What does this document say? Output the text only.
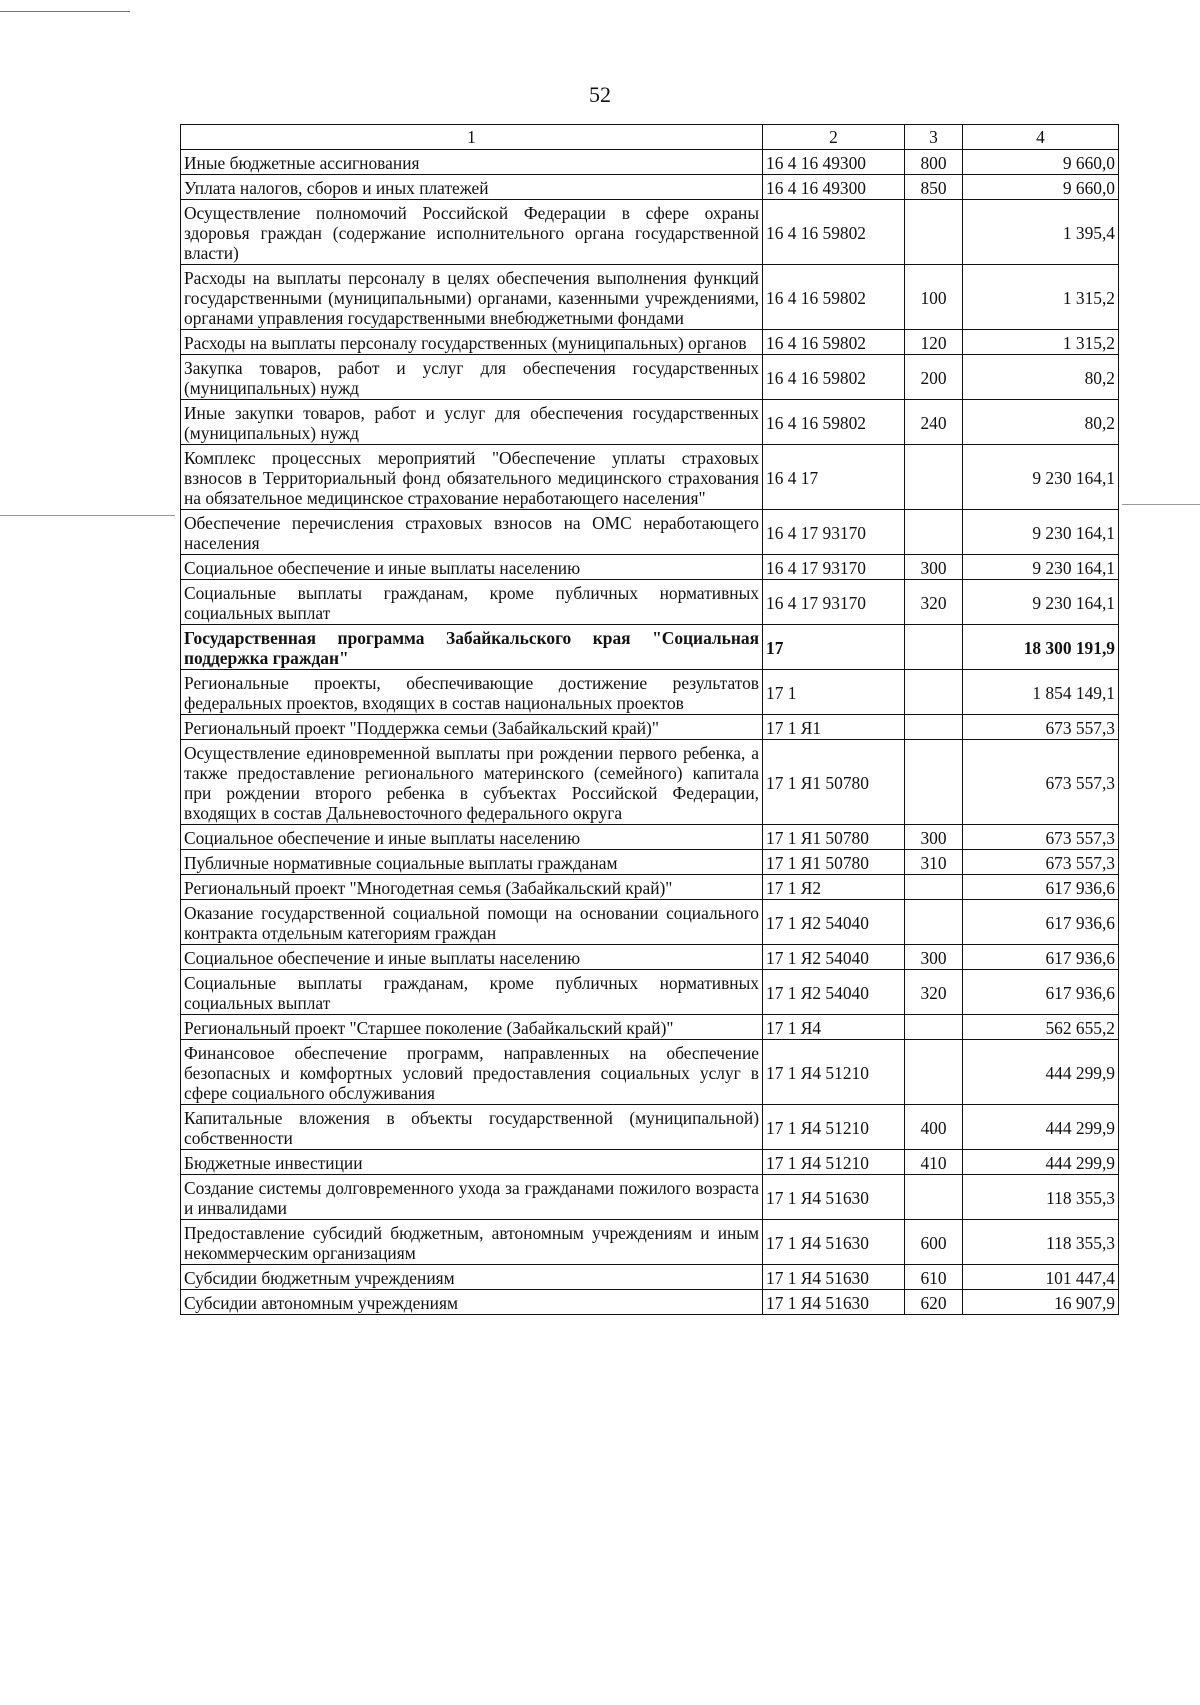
52
1	2	3	4
Иные бюджетные ассигнования	16 4 16 49300	800	9 660,0
Уплата налогов, сборов и иных платежей	16 4 16 49300	850	9 660,0
Осуществление полномочий Российской Федерации в сфере охраны здоровья граждан (содержание исполнительного органа государственной власти)	16 4 16 59802		1 395,4
Расходы на выплаты персоналу в целях обеспечения выполнения функций государственными (муниципальными) органами, казенными учреждениями, органами управления государственными внебюджетными фондами	16 4 16 59802	100	1 315,2
Расходы на выплаты персоналу государственных (муниципальных) органов	16 4 16 59802	120	1 315,2
Закупка товаров, работ и услуг для обеспечения государственных (муниципальных) нужд	16 4 16 59802	200	80,2
Иные закупки товаров, работ и услуг для обеспечения государственных (муниципальных) нужд	16 4 16 59802	240	80,2
Комплекс процессных мероприятий "Обеспечение уплаты страховых взносов в Территориальный фонд обязательного медицинского страхования на обязательное медицинское страхование неработающего населения"	16 4 17		9 230 164,1
Обеспечение перечисления страховых взносов на ОМС неработающего населения	16 4 17 93170		9 230 164,1
Социальное обеспечение и иные выплаты населению	16 4 17 93170	300	9 230 164,1
Социальные выплаты гражданам, кроме публичных нормативных социальных выплат	16 4 17 93170	320	9 230 164,1
Государственная программа Забайкальского края "Социальная поддержка граждан"	17		18 300 191,9
Региональные проекты, обеспечивающие достижение результатов федеральных проектов, входящих в состав национальных проектов	17 1		1 854 149,1
Региональный проект "Поддержка семьи (Забайкальский край)"	17 1 Я1		673 557,3
Осуществление единовременной выплаты при рождении первого ребенка, а также предоставление регионального материнского (семейного) капитала при рождении второго ребенка в субъектах Российской Федерации, входящих в состав Дальневосточного федерального округа	17 1 Я1 50780		673 557,3
Социальное обеспечение и иные выплаты населению	17 1 Я1 50780	300	673 557,3
Публичные нормативные социальные выплаты гражданам	17 1 Я1 50780	310	673 557,3
Региональный проект "Многодетная семья (Забайкальский край)"	17 1 Я2		617 936,6
Оказание государственной социальной помощи на основании социального контракта отдельным категориям граждан	17 1 Я2 54040		617 936,6
Социальное обеспечение и иные выплаты населению	17 1 Я2 54040	300	617 936,6
Социальные выплаты гражданам, кроме публичных нормативных социальных выплат	17 1 Я2 54040	320	617 936,6
Региональный проект "Старшее поколение (Забайкальский край)"	17 1 Я4		562 655,2
Финансовое обеспечение программ, направленных на обеспечение безопасных и комфортных условий предоставления социальных услуг в сфере социального обслуживания	17 1 Я4 51210		444 299,9
Капитальные вложения в объекты государственной (муниципальной) собственности	17 1 Я4 51210	400	444 299,9
Бюджетные инвестиции	17 1 Я4 51210	410	444 299,9
Создание системы долговременного ухода за гражданами пожилого возраста и инвалидами	17 1 Я4 51630		118 355,3
Предоставление субсидий бюджетным, автономным учреждениям и иным некоммерческим организациям	17 1 Я4 51630	600	118 355,3
Субсидии бюджетным учреждениям	17 1 Я4 51630	610	101 447,4
Субсидии автономным учреждениям	17 1 Я4 51630	620	16 907,9
